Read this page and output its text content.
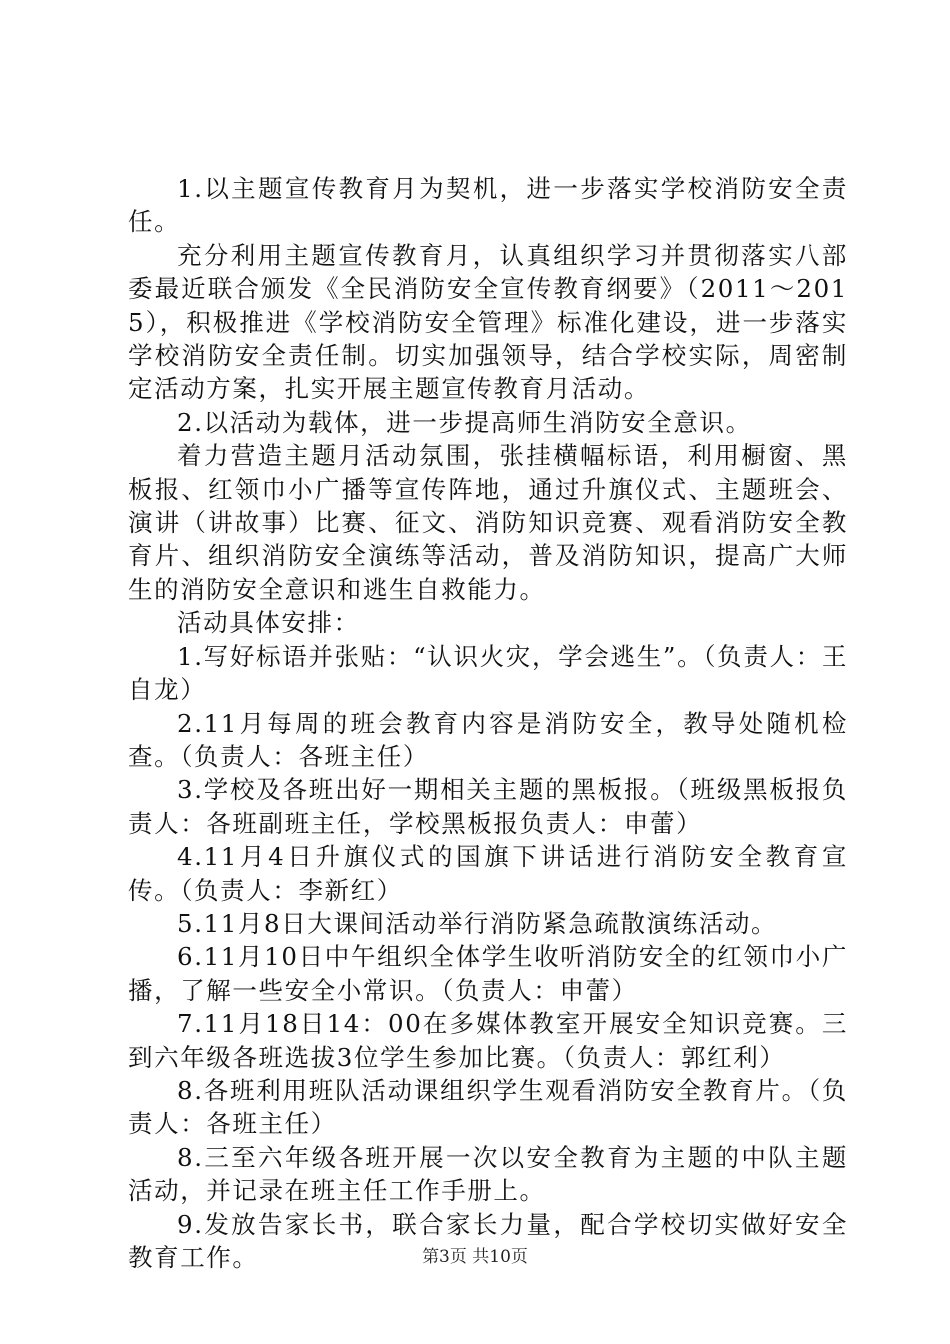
1.以主题宣传教育月为契机，进一步落实学校消防安全责任。

充分利用主题宣传教育月，认真组织学习并贯彻落实八部委最近联合颁发《全民消防安全宣传教育纲要》（2011～2015），积极推进《学校消防安全管理》标准化建设，进一步落实学校消防安全责任制。切实加强领导，结合学校实际，周密制定活动方案，扎实开展主题宣传教育月活动。

2.以活动为载体，进一步提高师生消防安全意识。

着力营造主题月活动氛围，张挂横幅标语，利用橱窗、黑板报、红领巾小广播等宣传阵地，通过升旗仪式、主题班会、演讲（讲故事）比赛、征文、消防知识竞赛、观看消防安全教育片、组织消防安全演练等活动，普及消防知识，提高广大师生的消防安全意识和逃生自救能力。

活动具体安排：

1.写好标语并张贴：“认识火灾，学会逃生”。（负责人：王自龙）

2.11月每周的班会教育内容是消防安全，教导处随机检查。（负责人：各班主任）

3.学校及各班出好一期相关主题的黑板报。（班级黑板报负责人：各班副班主任，学校黑板报负责人：申蕾）

4.11月4日升旗仪式的国旗下讲话进行消防安全教育宣传。（负责人：李新红）

5.11月8日大课间活动举行消防紧急疏散演练活动。

6.11月10日中午组织全体学生收听消防安全的红领巾小广播，了解一些安全小常识。（负责人：申蕾）

7.11月18日14：00在多媒体教室开展安全知识竞赛。三到六年级各班选拔3位学生参加比赛。（负责人：郭红利）

8.各班利用班队活动课组织学生观看消防安全教育片。（负责人：各班主任）

8.三至六年级各班开展一次以安全教育为主题的中队主题活动，并记录在班主任工作手册上。

9.发放告家长书，联合家长力量，配合学校切实做好安全教育工作。	第3页 共10页
